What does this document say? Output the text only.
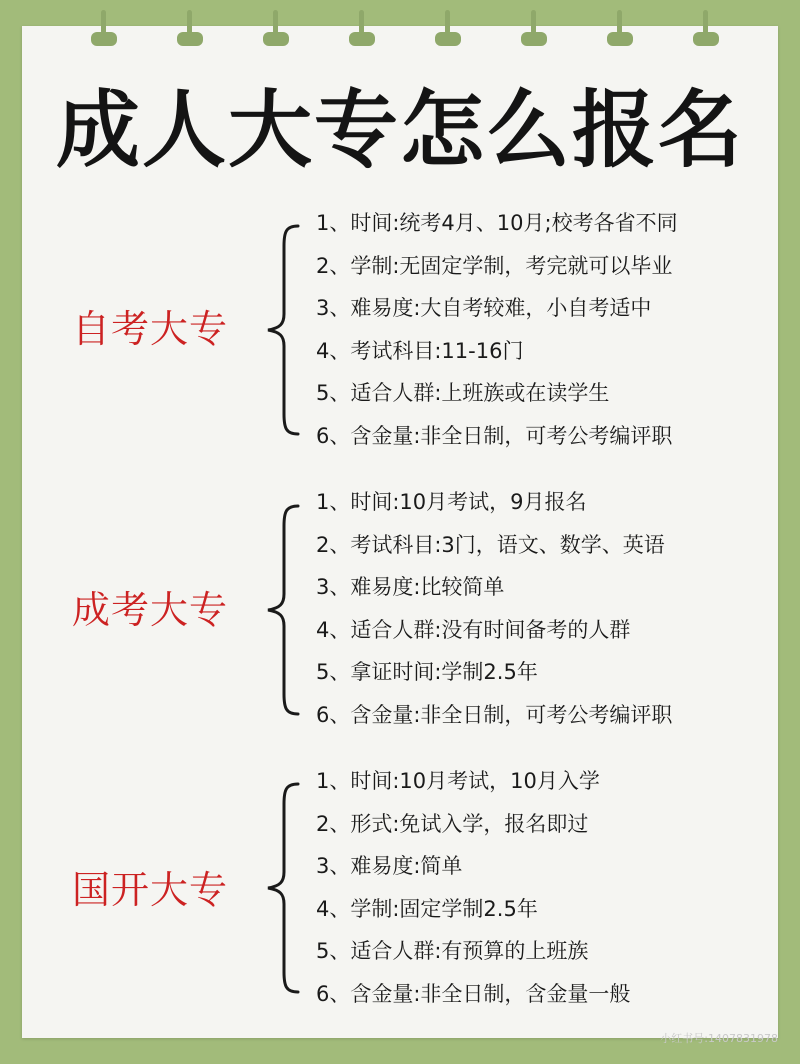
成人大专怎么报名
自考大专
1、时间:统考4月、10月;校考各省不同
2、学制:无固定学制，考完就可以毕业
3、难易度:大自考较难，小自考适中
4、考试科目:11-16门
5、适合人群:上班族或在读学生
6、含金量:非全日制，可考公考编评职
成考大专
1、时间:10月考试，9月报名
2、考试科目:3门，语文、数学、英语
3、难易度:比较简单
4、适合人群:没有时间备考的人群
5、拿证时间:学制2.5年
6、含金量:非全日制，可考公考编评职
国开大专
1、时间:10月考试，10月入学
2、形式:免试入学，报名即过
3、难易度:简单
4、学制:固定学制2.5年
5、适合人群:有预算的上班族
6、含金量:非全日制，含金量一般
小红书号:1407831978
